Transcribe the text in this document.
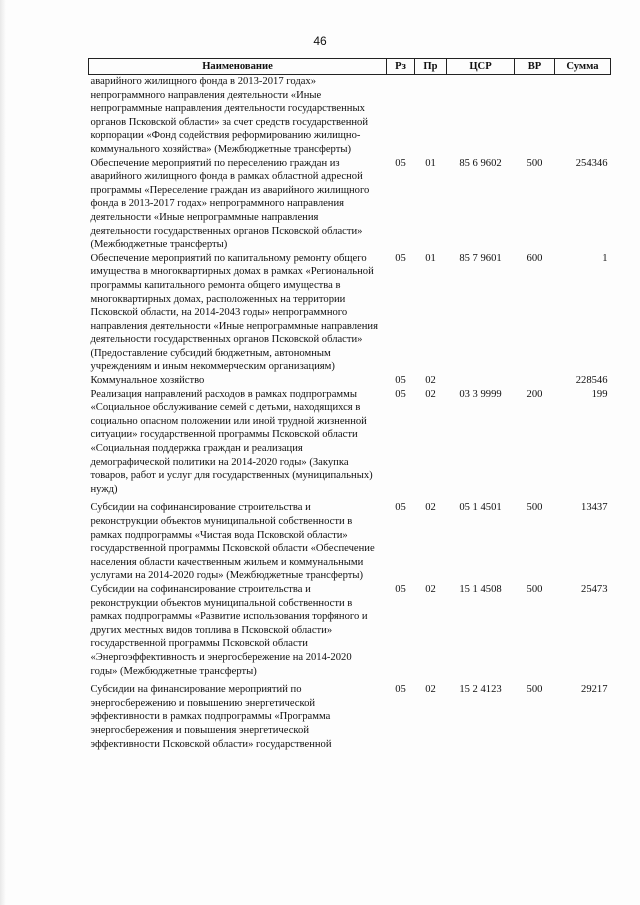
46
Наименование	Рз	Пр	ЦСР	ВР	Сумма
аварийного жилищного фонда в 2013-2017 годах» непрограммного направления деятельности «Иные непрограммные направления деятельности государственных органов Псковской области» за счет средств государственной корпорации «Фонд содействия реформированию жилищно-коммунального хозяйства» (Межбюджетные трансферты)					
Обеспечение мероприятий по переселению граждан из аварийного жилищного фонда в рамках областной адресной программы «Переселение граждан из аварийного жилищного фонда в 2013-2017 годах» непрограммного направления деятельности «Иные непрограммные направления деятельности государственных органов Псковской области» (Межбюджетные трансферты)	05	01	85 6 9602	500	254346
Обеспечение мероприятий по капитальному ремонту общего имущества в многоквартирных домах в рамках «Региональной программы капитального ремонта общего имущества в многоквартирных домах, расположенных на территории Псковской области, на 2014-2043 годы» непрограммного направления деятельности «Иные непрограммные направления деятельности государственных органов Псковской области» (Предоставление субсидий бюджетным, автономным учреждениям и иным некоммерческим организациям)	05	01	85 7 9601	600	1
Коммунальное хозяйство	05	02			228546
Реализация направлений расходов в рамках подпрограммы «Социальное обслуживание семей с детьми, находящихся в социально опасном положении или иной трудной жизненной ситуации» государственной программы Псковской области «Социальная поддержка граждан и реализация демографической политики на 2014-2020 годы» (Закупка товаров, работ и услуг для государственных (муниципальных) нужд)	05	02	03 3 9999	200	199
Субсидии на софинансирование строительства и реконструкции объектов муниципальной собственности в рамках подпрограммы «Чистая вода Псковской области» государственной программы Псковской области «Обеспечение населения области качественным жильем и коммунальными услугами на 2014-2020 годы» (Межбюджетные трансферты)	05	02	05 1 4501	500	13437
Субсидии на софинансирование строительства и реконструкции объектов муниципальной собственности в рамках подпрограммы «Развитие использования торфяного и других местных видов топлива в Псковской области» государственной программы Псковской области «Энергоэффективность и энергосбережение на 2014-2020 годы» (Межбюджетные трансферты)	05	02	15 1 4508	500	25473
Субсидии на финансирование мероприятий по энергосбережению и повышению энергетической эффективности в рамках подпрограммы «Программа энергосбережения и повышения энергетической эффективности Псковской области» государственной	05	02	15 2 4123	500	29217
